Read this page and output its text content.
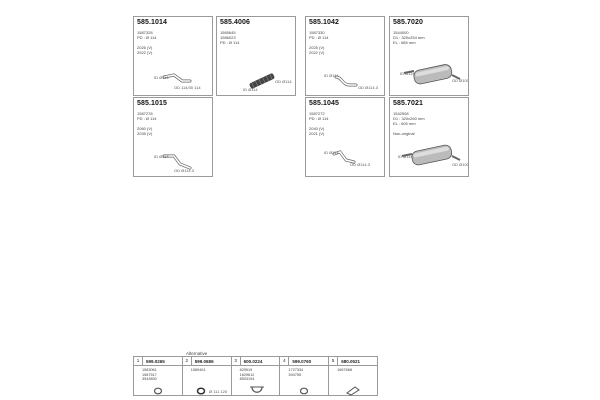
585.1014
1587328
PD : Ø 114

2026 (V)
2922 (V)
ID Ø114
OD 114/30 114
585.4006
1565645
1586023
PD : Ø 114
OD Ø114
ID Ø114
585.1042
1587330
PD : Ø 114

2025 (V)
2022 (V)
ID Ø114
OD Ø114.3
585.7020
1544000
D1 : 320x254 mm
EL : 685 mm
ID Ø114
OD Ø100
585.1015
1587278
PD : Ø 114

2060 (V)
2035 (V)
ID Ø114
OD Ø114.3
585.1045
1587272
PD : Ø 114

2040 (V)
2021 (V)
ID Ø114
OD Ø114.3
585.7021
1542508
D1 : 320x260 mm
EL : 605 mm

Non-original
ID Ø114
OD Ø100
Alternative
1	599.0265
1583061
1587517
3943830
2	599.0686
1589461
Ø 111 120
3	600.0224
629919
1629612
8503194
4	599.0760
1727334
394755
5	680.0521
1667668
